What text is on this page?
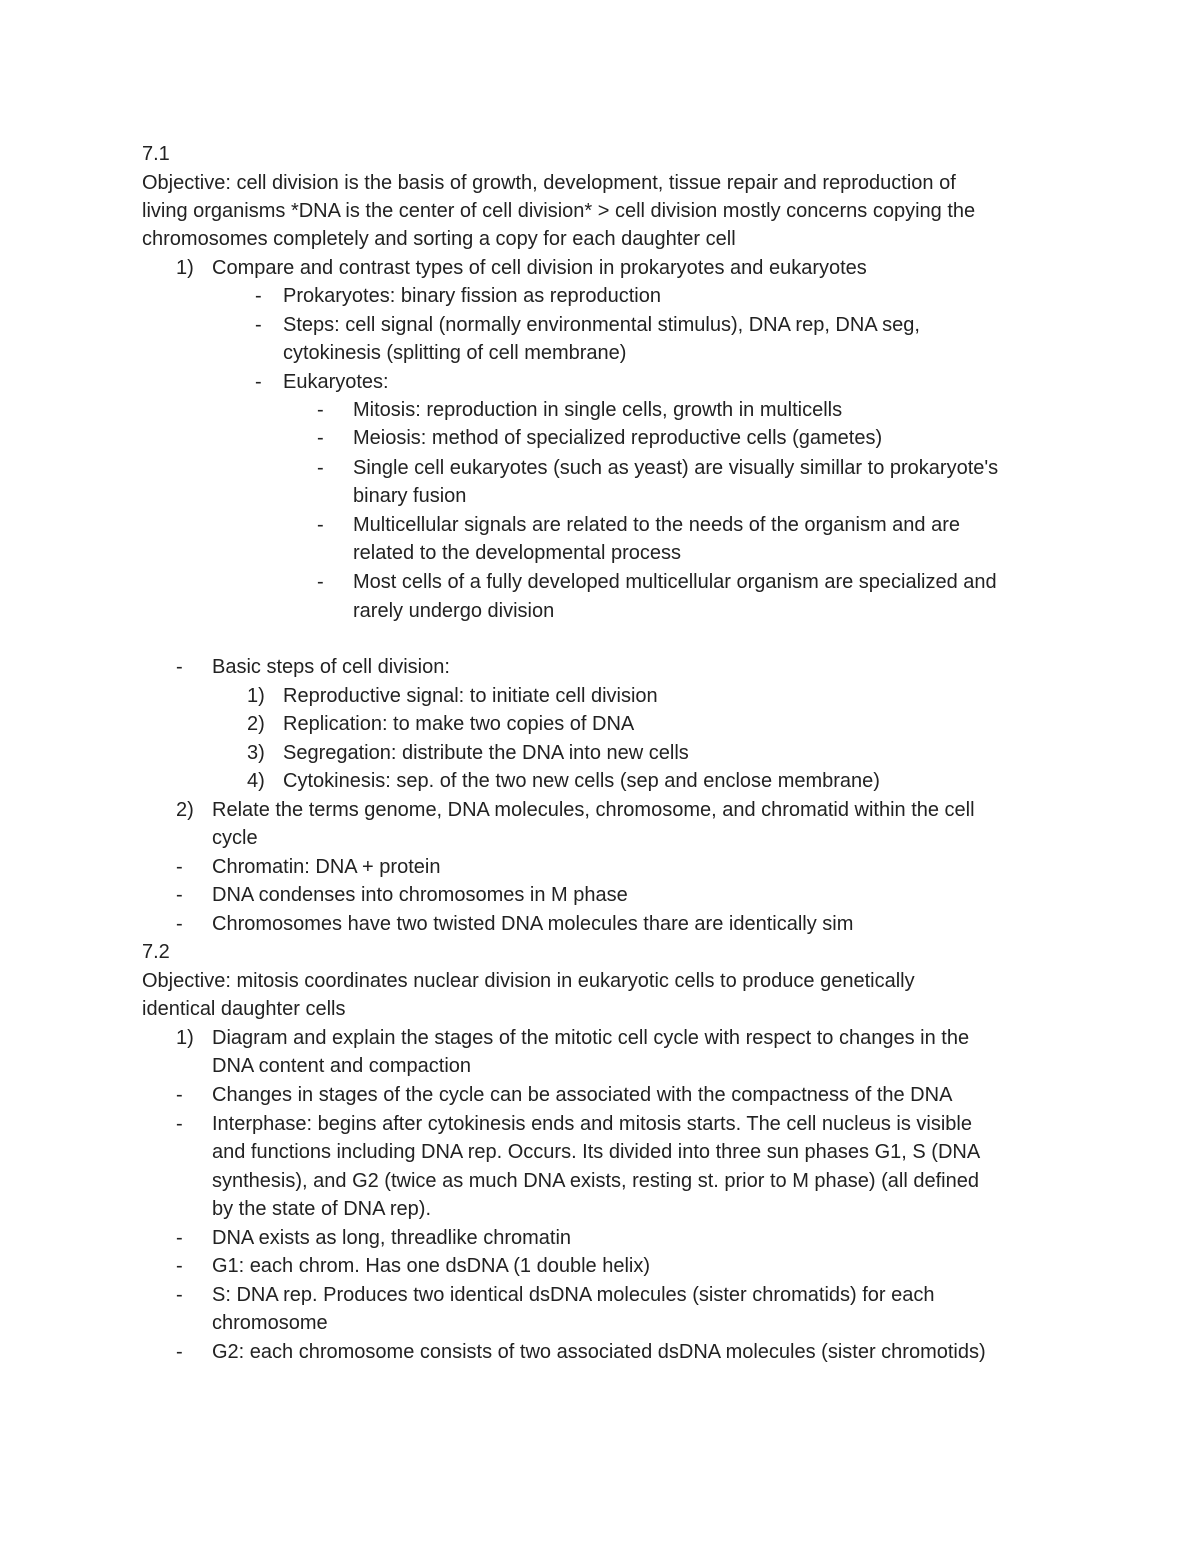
7.1
Objective: cell division is the basis of growth, development, tissue repair and reproduction of
living organisms *DNA is the center of cell division* > cell division mostly concerns copying the
chromosomes completely and sorting a copy for each daughter cell
1) Compare and contrast types of cell division in prokaryotes and eukaryotes
- Prokaryotes: binary fission as reproduction
- Steps: cell signal (normally environmental stimulus), DNA rep, DNA seg,
cytokinesis (splitting of cell membrane)
- Eukaryotes:
- Mitosis: reproduction in single cells, growth in multicells
- Meiosis: method of specialized reproductive cells (gametes)
- Single cell eukaryotes (such as yeast) are visually simillar to prokaryote's
binary fusion
- Multicellular signals are related to the needs of the organism and are
related to the developmental process
- Most cells of a fully developed multicellular organism are specialized and
rarely undergo division
- Basic steps of cell division:
1) Reproductive signal: to initiate cell division
2) Replication: to make two copies of DNA
3) Segregation: distribute the DNA into new cells
4) Cytokinesis: sep. of the two new cells (sep and enclose membrane)
2) Relate the terms genome, DNA molecules, chromosome, and chromatid within the cell
cycle
- Chromatin: DNA + protein
- DNA condenses into chromosomes in M phase
- Chromosomes have two twisted DNA molecules thare are identically sim
7.2
Objective: mitosis coordinates nuclear division in eukaryotic cells to produce genetically
identical daughter cells
1) Diagram and explain the stages of the mitotic cell cycle with respect to changes in the
DNA content and compaction
- Changes in stages of the cycle can be associated with the compactness of the DNA
- Interphase: begins after cytokinesis ends and mitosis starts. The cell nucleus is visible
and functions including DNA rep. Occurs. Its divided into three sun phases G1, S (DNA
synthesis), and G2 (twice as much DNA exists, resting st. prior to M phase) (all defined
by the state of DNA rep).
- DNA exists as long, threadlike chromatin
- G1: each chrom. Has one dsDNA (1 double helix)
- S: DNA rep. Produces two identical dsDNA molecules (sister chromatids) for each
chromosome
- G2: each chromosome consists of two associated dsDNA molecules (sister chromotids)
